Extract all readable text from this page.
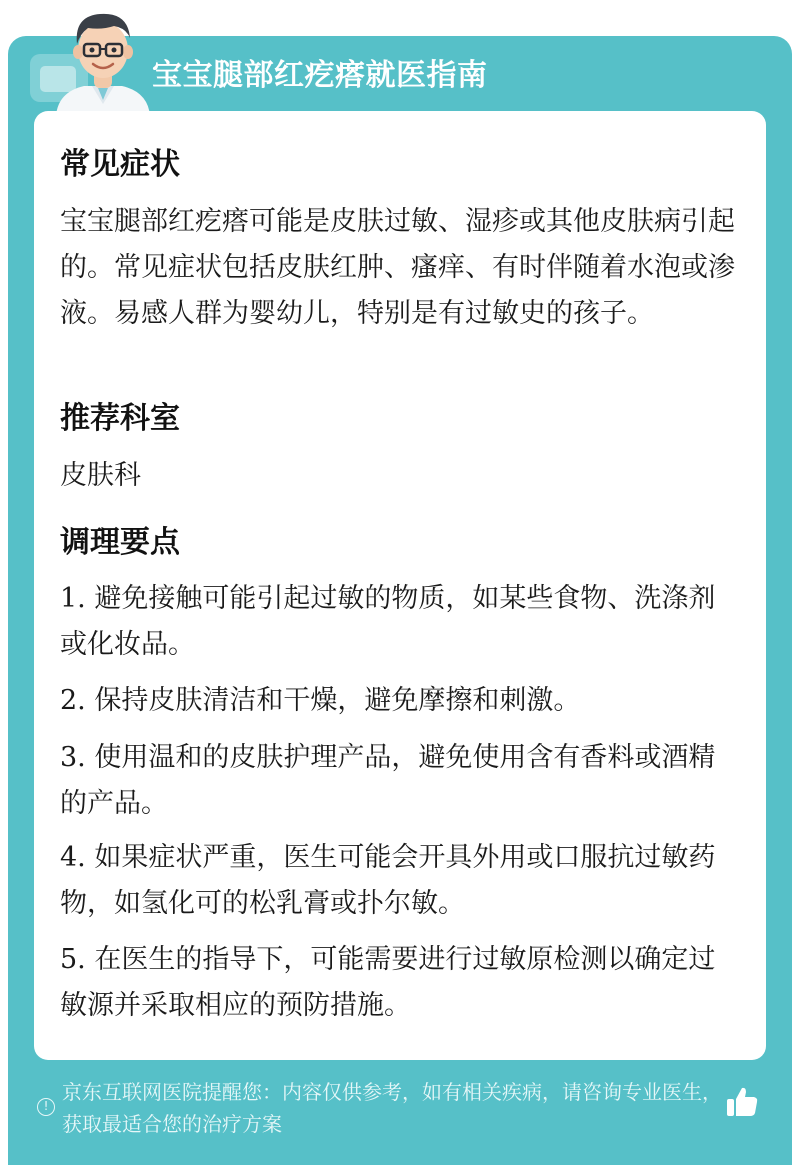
宝宝腿部红疙瘩就医指南
常见症状
宝宝腿部红疙瘩可能是皮肤过敏、湿疹或其他皮肤病引起的。常见症状包括皮肤红肿、瘙痒、有时伴随着水泡或渗液。易感人群为婴幼儿，特别是有过敏史的孩子。
推荐科室
皮肤科
调理要点
1. 避免接触可能引起过敏的物质，如某些食物、洗涤剂或化妆品。
2. 保持皮肤清洁和干燥，避免摩擦和刺激。
3. 使用温和的皮肤护理产品，避免使用含有香料或酒精的产品。
4. 如果症状严重，医生可能会开具外用或口服抗过敏药物，如氢化可的松乳膏或扑尔敏。
5. 在医生的指导下，可能需要进行过敏原检测以确定过敏源并采取相应的预防措施。
!
京东互联网医院提醒您：内容仅供参考，如有相关疾病，请咨询专业医生，获取最适合您的治疗方案
